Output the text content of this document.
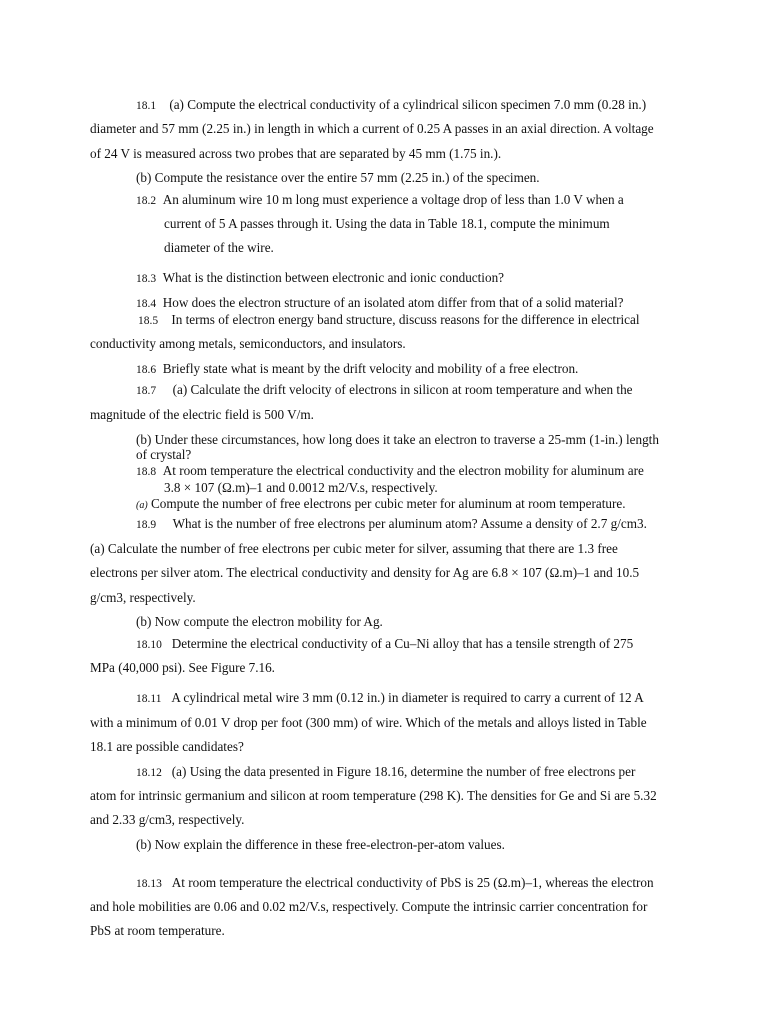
18.1 (a) Compute the electrical conductivity of a cylindrical silicon specimen 7.0 mm (0.28 in.)
diameter and 57 mm (2.25 in.) in length in which a current of 0.25 A passes in an axial direction. A voltage
of 24 V is measured across two probes that are separated by 45 mm (1.75 in.).
(b) Compute the resistance over the entire 57 mm (2.25 in.) of the specimen.
18.2 An aluminum wire 10 m long must experience a voltage drop of less than 1.0 V when a
current of 5 A passes through it. Using the data in Table 18.1, compute the minimum
diameter of the wire.
18.3 What is the distinction between electronic and ionic conduction?
18.4 How does the electron structure of an isolated atom differ from that of a solid material?
18.5 In terms of electron energy band structure, discuss reasons for the difference in electrical
conductivity among metals, semiconductors, and insulators.
18.6 Briefly state what is meant by the drift velocity and mobility of a free electron.
18.7 (a) Calculate the drift velocity of electrons in silicon at room temperature and when the
magnitude of the electric field is 500 V/m.
(b) Under these circumstances, how long does it take an electron to traverse a 25-mm (1-in.) length
of crystal?
18.8 At room temperature the electrical conductivity and the electron mobility for aluminum are
3.8 × 107 (Ω.m)–1 and 0.0012 m2/V.s, respectively.
(a) Compute the number of free electrons per cubic meter for aluminum at room temperature.
18.9 What is the number of free electrons per aluminum atom? Assume a density of 2.7 g/cm3.
(a) Calculate the number of free electrons per cubic meter for silver, assuming that there are 1.3 free
electrons per silver atom. The electrical conductivity and density for Ag are 6.8 × 107 (Ω.m)–1 and 10.5
g/cm3, respectively.
(b) Now compute the electron mobility for Ag.
18.10 Determine the electrical conductivity of a Cu–Ni alloy that has a tensile strength of 275
MPa (40,000 psi). See Figure 7.16.
18.11 A cylindrical metal wire 3 mm (0.12 in.) in diameter is required to carry a current of 12 A
with a minimum of 0.01 V drop per foot (300 mm) of wire. Which of the metals and alloys listed in Table
18.1 are possible candidates?
18.12 (a) Using the data presented in Figure 18.16, determine the number of free electrons per
atom for intrinsic germanium and silicon at room temperature (298 K). The densities for Ge and Si are 5.32
and 2.33 g/cm3, respectively.
(b) Now explain the difference in these free-electron-per-atom values.
18.13 At room temperature the electrical conductivity of PbS is 25 (Ω.m)–1, whereas the electron
and hole mobilities are 0.06 and 0.02 m2/V.s, respectively. Compute the intrinsic carrier concentration for
PbS at room temperature.
